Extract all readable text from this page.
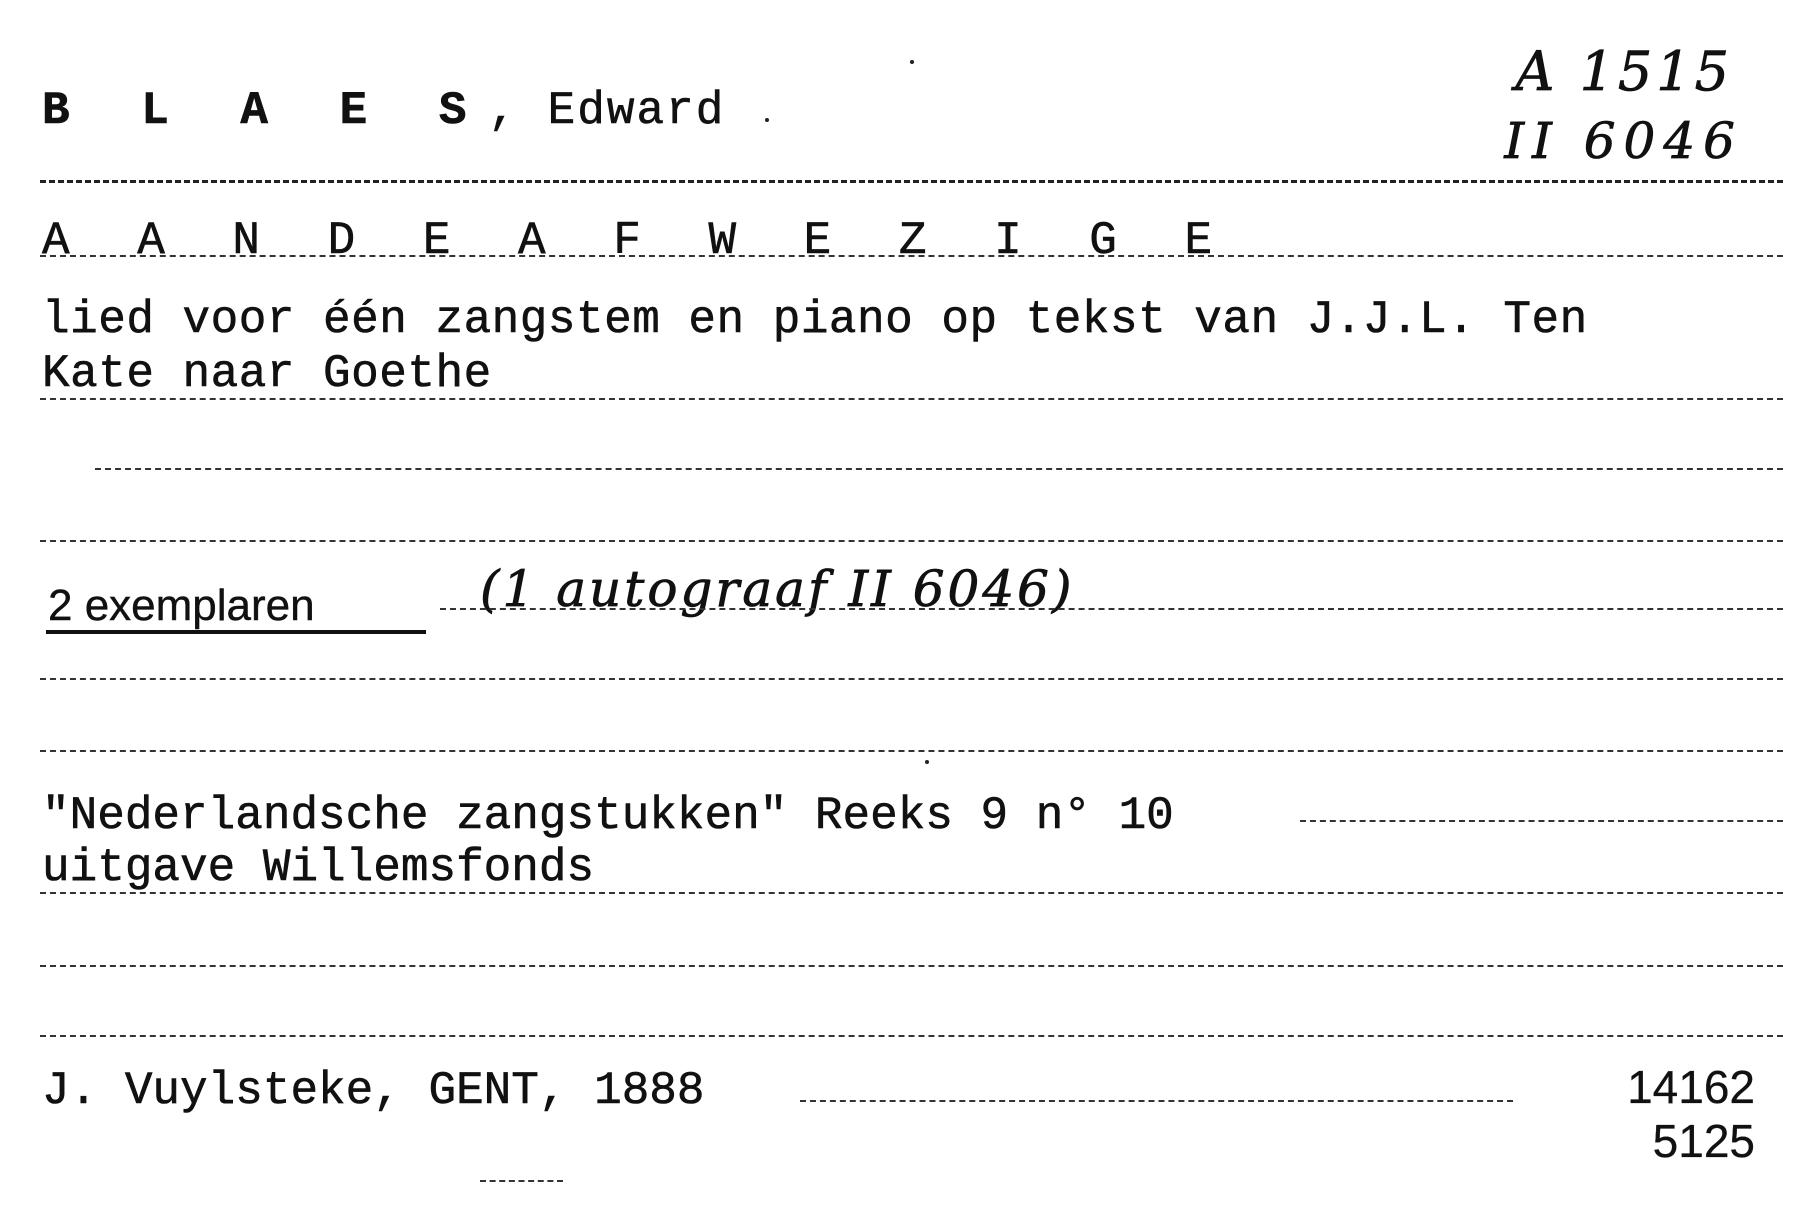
B L A E S, Edward
A 1515
II 6046
A A N D E A F W E Z I G E
lied voor één zangstem en piano op tekst van J.J.L. Ten
Kate naar Goethe
2 exemplaren	(1 autograaf II 6046)
"Nederlandsche zangstukken" Reeks 9 n° 10
uitgave Willemsfonds
J. Vuylsteke, GENT, 1888	14162
5125
